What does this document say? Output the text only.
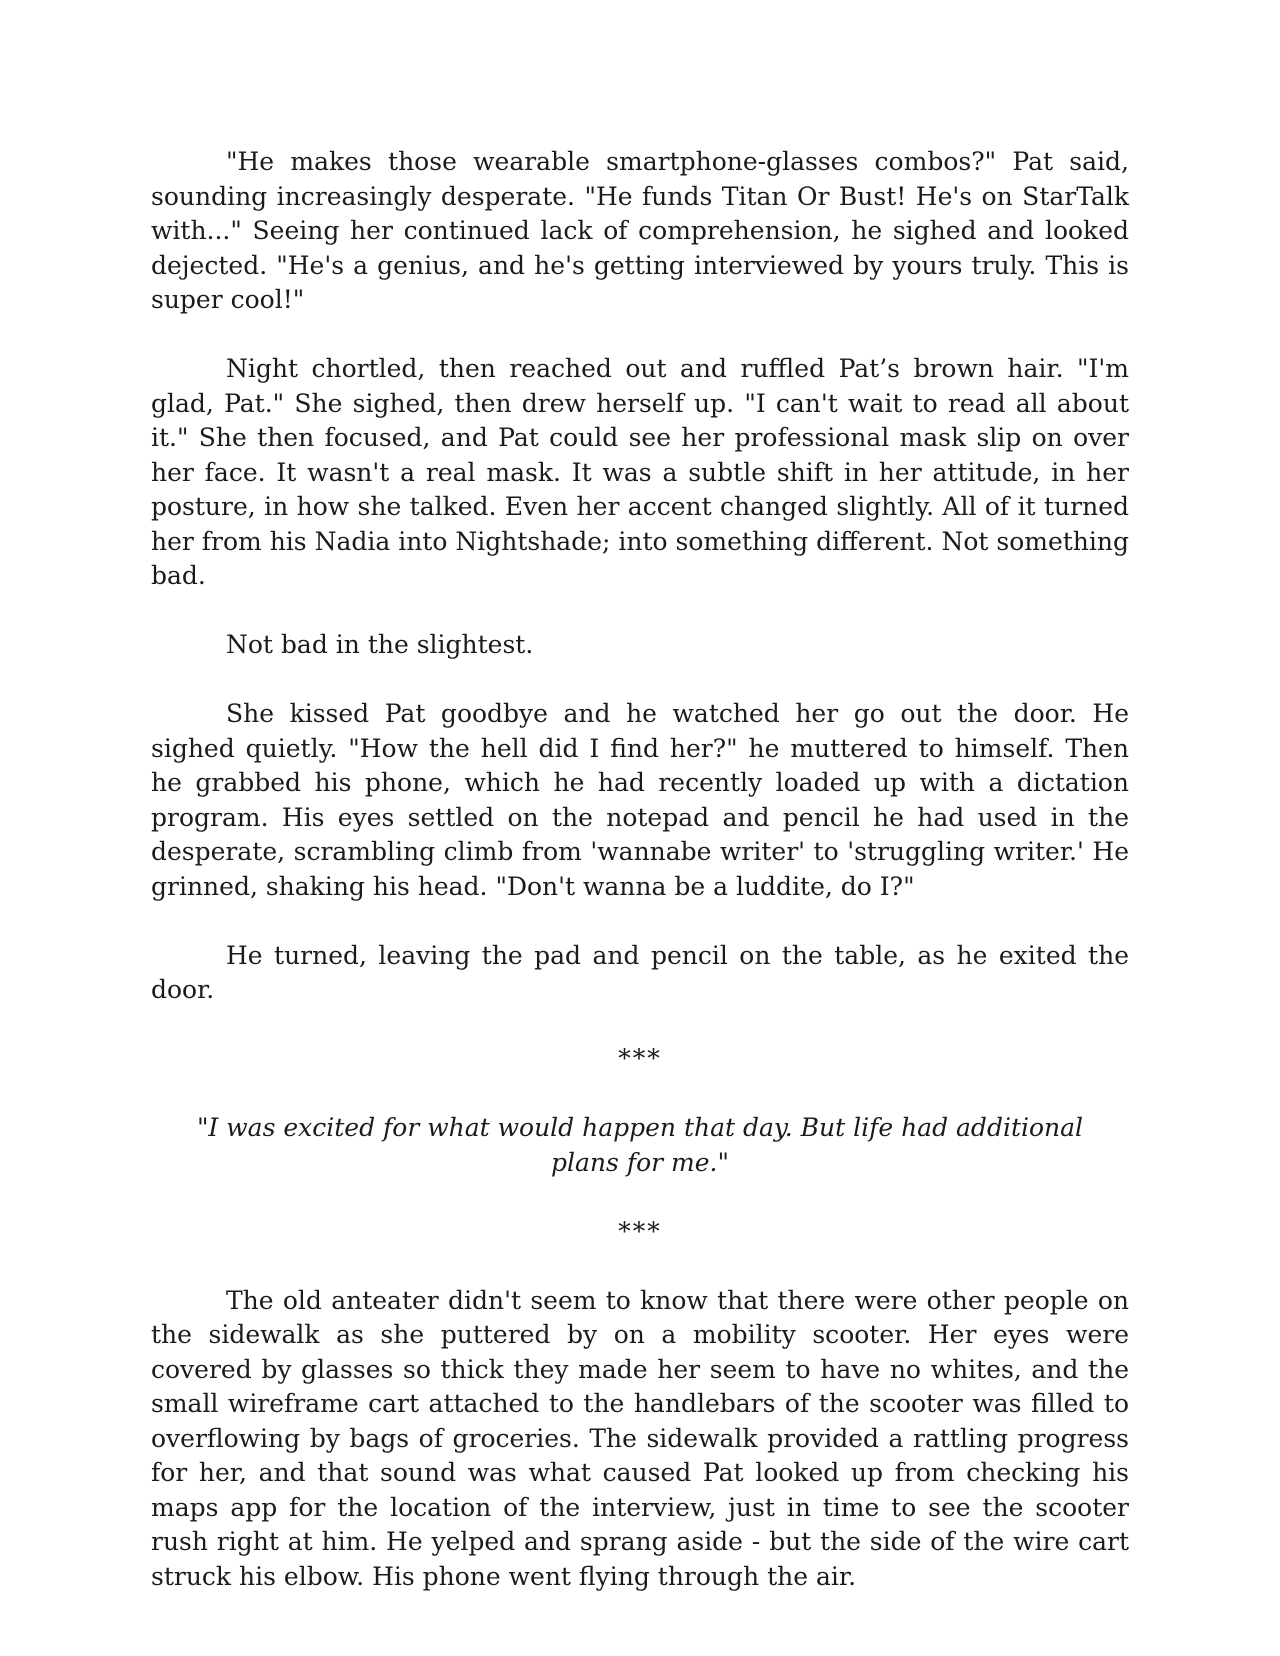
"He makes those wearable smartphone-glasses combos?" Pat said, sounding increasingly desperate. "He funds Titan Or Bust! He's on StarTalk with..." Seeing her continued lack of comprehension, he sighed and looked dejected. "He's a genius, and he's getting interviewed by yours truly. This is super cool!"

Night chortled, then reached out and ruffled Pat’s brown hair. "I'm glad, Pat." She sighed, then drew herself up. "I can't wait to read all about it." She then focused, and Pat could see her professional mask slip on over her face. It wasn't a real mask. It was a subtle shift in her attitude, in her posture, in how she talked. Even her accent changed slightly. All of it turned her from his Nadia into Nightshade; into something different. Not something bad.

Not bad in the slightest.

She kissed Pat goodbye and he watched her go out the door. He sighed quietly. "How the hell did I find her?" he muttered to himself. Then he grabbed his phone, which he had recently loaded up with a dictation program. His eyes settled on the notepad and pencil he had used in the desperate, scrambling climb from 'wannabe writer' to 'struggling writer.' He grinned, shaking his head. "Don't wanna be a luddite, do I?"

He turned, leaving the pad and pencil on the table, as he exited the door.

***

"I was excited for what would happen that day. But life had additional plans for me."

***

The old anteater didn't seem to know that there were other people on the sidewalk as she puttered by on a mobility scooter. Her eyes were covered by glasses so thick they made her seem to have no whites, and the small wireframe cart attached to the handlebars of the scooter was filled to overflowing by bags of groceries. The sidewalk provided a rattling progress for her, and that sound was what caused Pat looked up from checking his maps app for the location of the interview, just in time to see the scooter rush right at him. He yelped and sprang aside - but the side of the wire cart struck his elbow. His phone went flying through the air.
